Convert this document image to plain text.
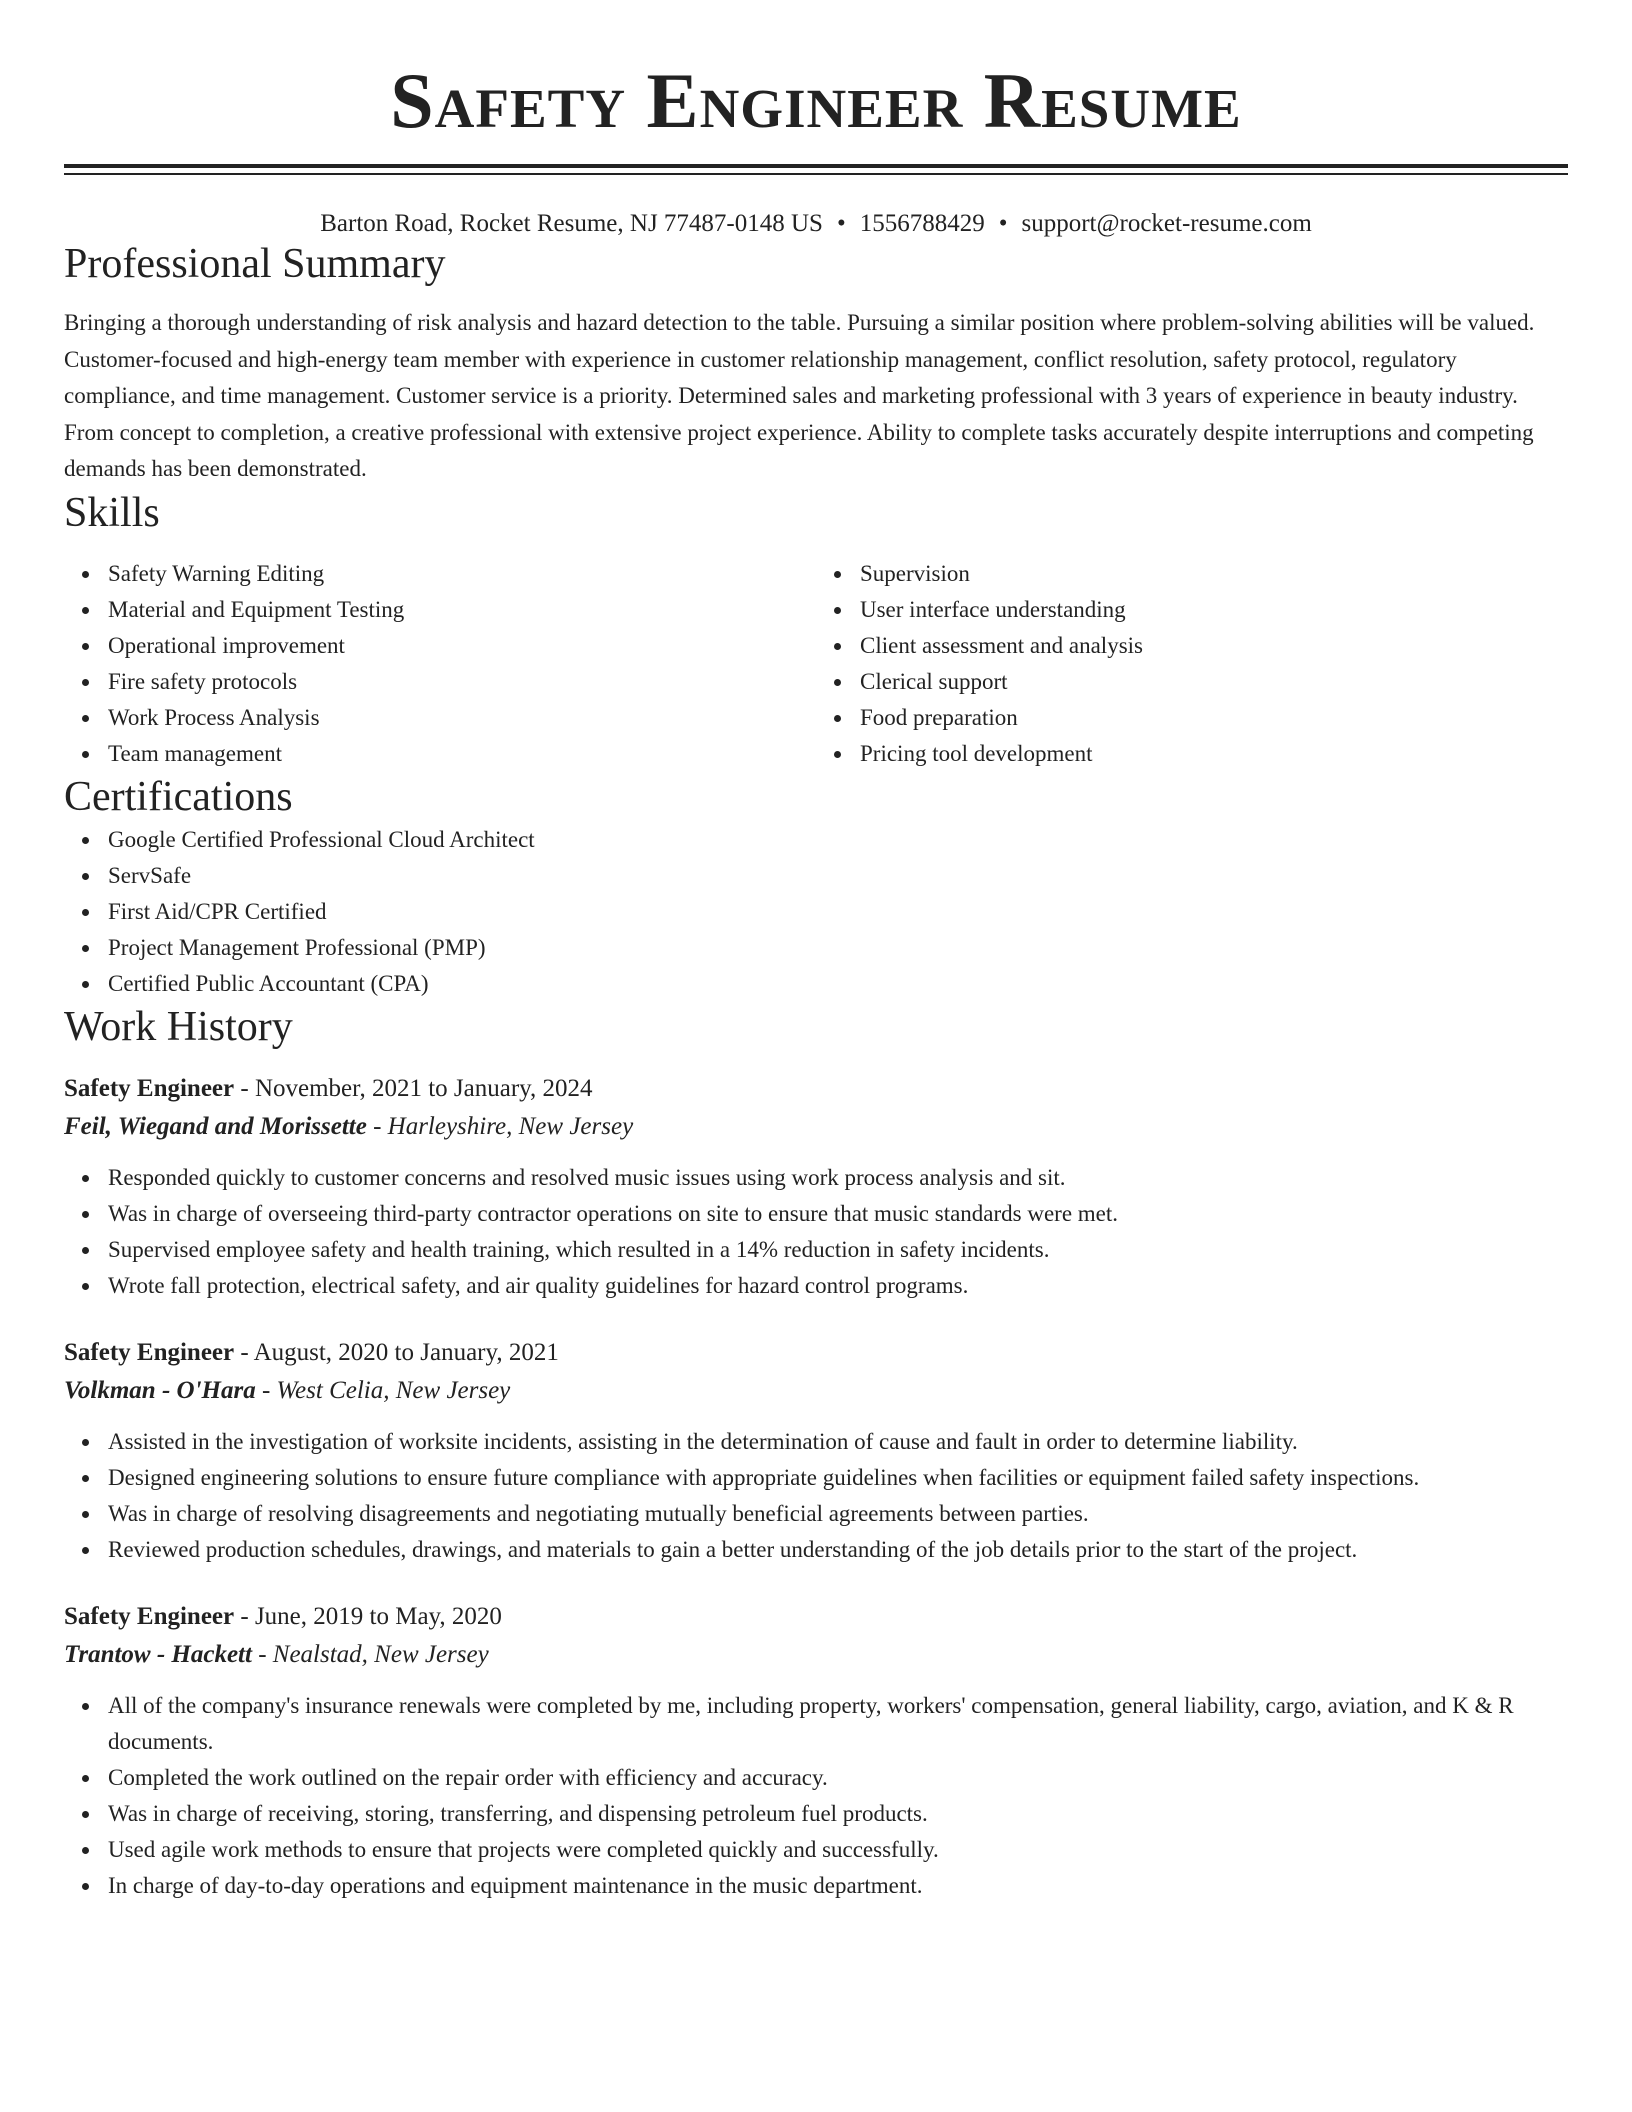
Safety Engineer Resume
Barton Road, Rocket Resume, NJ 77487-0148 US • 1556788429 • support@rocket-resume.com
Professional Summary

Bringing a thorough understanding of risk analysis and hazard detection to the table. Pursuing a similar position where problem-solving abilities will be valued. Customer-focused and high-energy team member with experience in customer relationship management, conflict resolution, safety protocol, regulatory compliance, and time management. Customer service is a priority. Determined sales and marketing professional with 3 years of experience in beauty industry. From concept to completion, a creative professional with extensive project experience. Ability to complete tasks accurately despite interruptions and competing demands has been demonstrated.

Skills
Safety Warning Editing
Material and Equipment Testing
Operational improvement
Fire safety protocols
Work Process Analysis
Team management
Supervision
User interface understanding
Client assessment and analysis
Clerical support
Food preparation
Pricing tool development
Certifications
Google Certified Professional Cloud Architect
ServSafe
First Aid/CPR Certified
Project Management Professional (PMP)
Certified Public Accountant (CPA)
Work History
Safety Engineer - November, 2021 to January, 2024
Feil, Wiegand and Morissette - Harleyshire, New Jersey
Responded quickly to customer concerns and resolved music issues using work process analysis and sit.
Was in charge of overseeing third-party contractor operations on site to ensure that music standards were met.
Supervised employee safety and health training, which resulted in a 14% reduction in safety incidents.
Wrote fall protection, electrical safety, and air quality guidelines for hazard control programs.
Safety Engineer - August, 2020 to January, 2021
Volkman - O'Hara - West Celia, New Jersey
Assisted in the investigation of worksite incidents, assisting in the determination of cause and fault in order to determine liability.
Designed engineering solutions to ensure future compliance with appropriate guidelines when facilities or equipment failed safety inspections.
Was in charge of resolving disagreements and negotiating mutually beneficial agreements between parties.
Reviewed production schedules, drawings, and materials to gain a better understanding of the job details prior to the start of the project.
Safety Engineer - June, 2019 to May, 2020
Trantow - Hackett - Nealstad, New Jersey
All of the company's insurance renewals were completed by me, including property, workers' compensation, general liability, cargo, aviation, and K & R documents.
Completed the work outlined on the repair order with efficiency and accuracy.
Was in charge of receiving, storing, transferring, and dispensing petroleum fuel products.
Used agile work methods to ensure that projects were completed quickly and successfully.
In charge of day-to-day operations and equipment maintenance in the music department.
